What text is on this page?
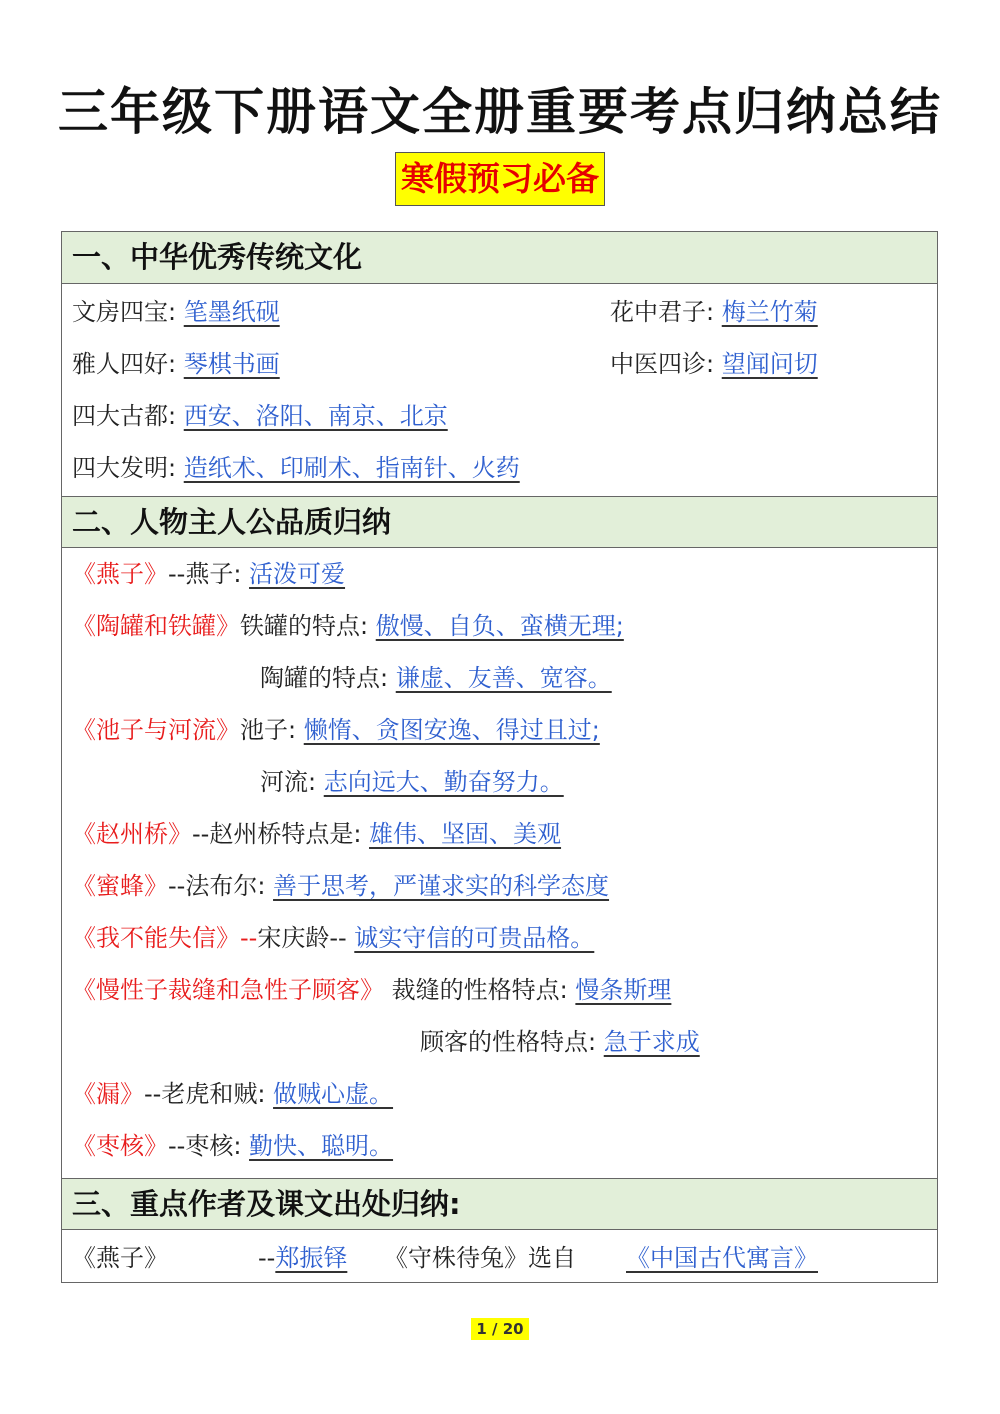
三年级下册语文全册重要考点归纳总结
寒假预习必备
一、中华优秀传统文化
文房四宝: 笔墨纸砚	花中君子: 梅兰竹菊
雅人四好: 琴棋书画	中医四诊: 望闻问切
四大古都: 西安、洛阳、南京、北京
四大发明: 造纸术、印刷术、指南针、火药
二、人物主人公品质归纳
《燕子》--燕子: 活泼可爱
《陶罐和铁罐》铁罐的特点: 傲慢、自负、蛮横无理;
陶罐的特点: 谦虚、友善、宽容。
《池子与河流》池子: 懒惰、贪图安逸、得过且过;
河流: 志向远大、勤奋努力。
《赵州桥》--赵州桥特点是: 雄伟、坚固、美观
《蜜蜂》--法布尔: 善于思考，严谨求实的科学态度
《我不能失信》--宋庆龄-- 诚实守信的可贵品格。
《慢性子裁缝和急性子顾客》 裁缝的性格特点: 慢条斯理
顾客的性格特点: 急于求成
《漏》--老虎和贼: 做贼心虚。
《枣核》--枣核: 勤快、聪明。
三、重点作者及课文出处归纳:
《燕子》	--郑振铎 《守株待兔》选自 《中国古代寓言》
1 / 20
